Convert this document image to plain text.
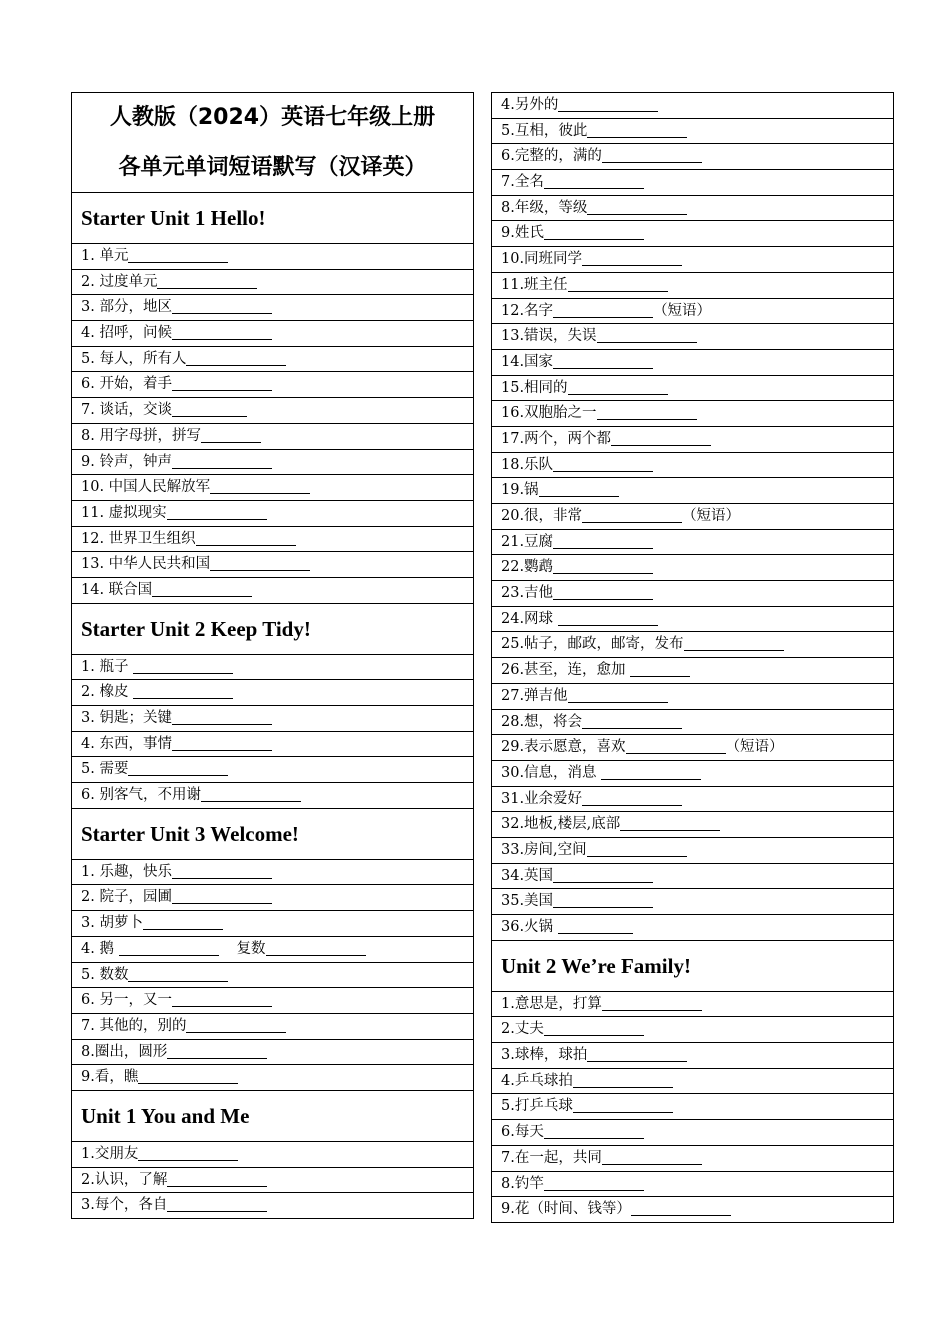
人教版（2024）英语七年级上册
各单元单词短语默写（汉译英）
Starter Unit 1 Hello!
1. 单元
2. 过度单元
3. 部分，地区
4. 招呼，问候
5. 每人，所有人
6. 开始，着手
7. 谈话，交谈
8. 用字母拼，拼写
9. 铃声，钟声
10. 中国人民解放军
11. 虚拟现实
12. 世界卫生组织
13. 中华人民共和国
14. 联合国
Starter Unit 2 Keep Tidy!
1. 瓶子
2. 橡皮
3. 钥匙；关键
4. 东西，事情
5. 需要
6. 别客气，不用谢
Starter Unit 3 Welcome!
1. 乐趣，快乐
2. 院子，园圃
3. 胡萝卜
4. 鹅	复数
5. 数数
6. 另一，又一
7. 其他的，别的
8.圈出，圆形
9.看，瞧
Unit 1 You and Me
1.交朋友
2.认识，了解
3.每个，各自
4.另外的
5.互相，彼此
6.完整的，满的
7.全名
8.年级，等级
9.姓氏
10.同班同学
11.班主任
12.名字	（短语）
13.错误，失误
14.国家
15.相同的
16.双胞胎之一
17.两个，两个都
18.乐队
19.锅
20.很，非常	（短语）
21.豆腐
22.鹦鹉
23.吉他
24.网球
25.帖子，邮政，邮寄，发布
26.甚至，连，愈加
27.弹吉他
28.想，将会
29.表示愿意，喜欢	（短语）
30.信息，消息
31.业余爱好
32.地板,楼层,底部
33.房间,空间
34.英国
35.美国
36.火锅
Unit 2 We’re Family!
1.意思是，打算
2.丈夫
3.球棒，球拍
4.乒乓球拍
5.打乒乓球
6.每天
7.在一起，共同
8.钓竿
9.花（时间、钱等）
